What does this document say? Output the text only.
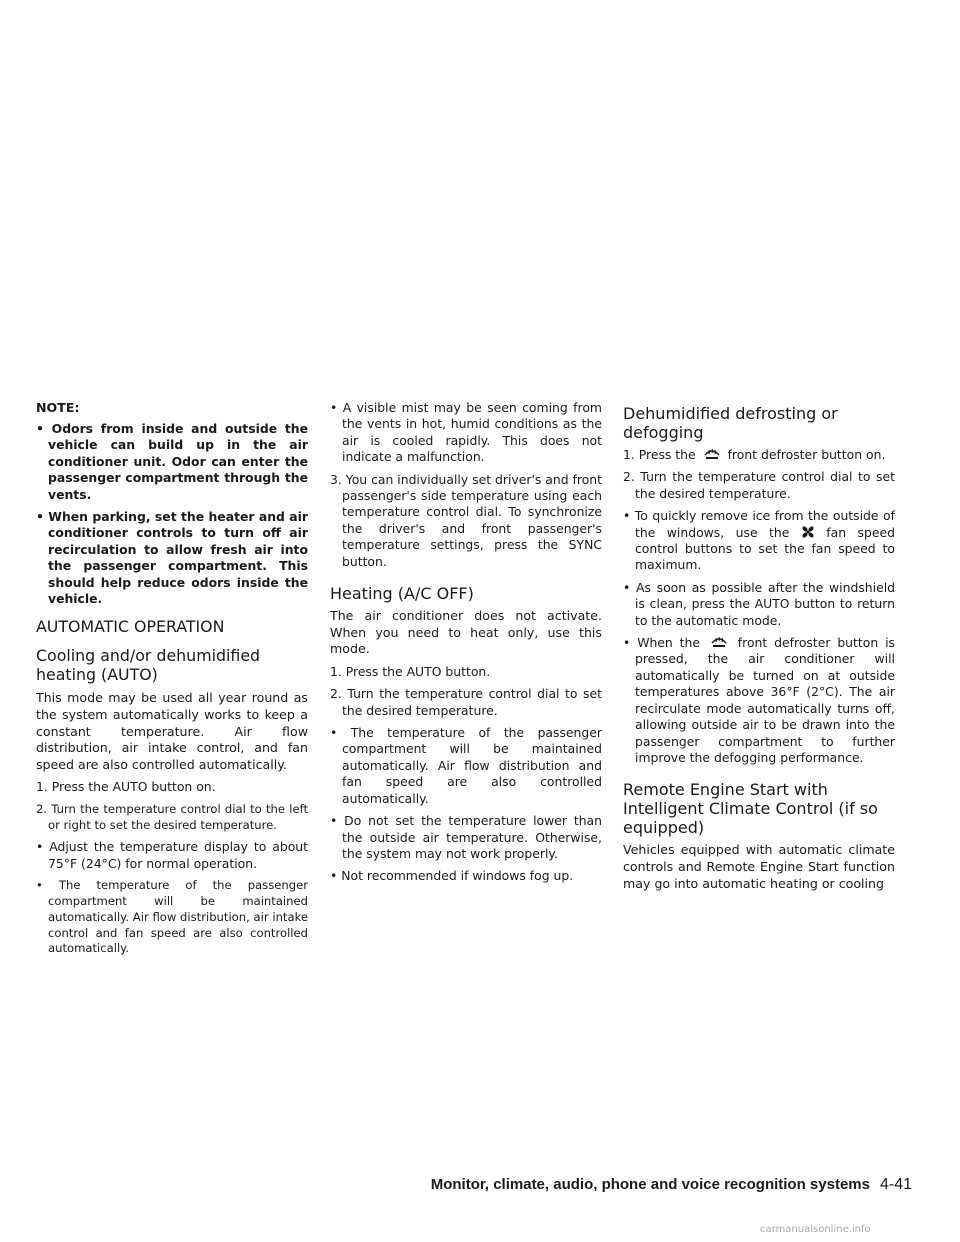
NOTE:

• Odors from inside and outside the vehicle can build up in the air conditioner unit. Odor can enter the passenger compartment through the vents.

• When parking, set the heater and air conditioner controls to turn off air recirculation to allow fresh air into the passenger compartment. This should help reduce odors inside the vehicle.

AUTOMATIC OPERATION
Cooling and/or dehumidified heating (AUTO)

This mode may be used all year round as the system automatically works to keep a constant temperature. Air flow distribution, air intake control, and fan speed are also controlled automatically.

1. Press the AUTO button on.

2. Turn the temperature control dial to the left or right to set the desired temperature.

• Adjust the temperature display to about 75°F (24°C) for normal operation.

• The temperature of the passenger compartment will be maintained automatically. Air flow distribution, air intake control and fan speed are also controlled automatically.

• A visible mist may be seen coming from the vents in hot, humid conditions as the air is cooled rapidly. This does not indicate a malfunction.

3. You can individually set driver's and front passenger's side temperature using each temperature control dial. To synchronize the driver's and front passenger's temperature settings, press the SYNC button.

Heating (A/C OFF)

The air conditioner does not activate. When you need to heat only, use this mode.

1. Press the AUTO button.

2. Turn the temperature control dial to set the desired temperature.

• The temperature of the passenger compartment will be maintained automatically. Air flow distribution and fan speed are also controlled automatically.

• Do not set the temperature lower than the outside air temperature. Otherwise, the system may not work properly.

• Not recommended if windows fog up.

Dehumidified defrosting or defogging

1. Press the	front defroster button on.

2. Turn the temperature control dial to set the desired temperature.

• To quickly remove ice from the outside of the windows, use the	fan speed control buttons to set the fan speed to maximum.

• As soon as possible after the windshield is clean, press the AUTO button to return to the automatic mode.

• When the	front defroster button is pressed, the air conditioner will automatically be turned on at outside temperatures above 36°F (2°C). The air recirculate mode automatically turns off, allowing outside air to be drawn into the passenger compartment to further improve the defogging performance.

Remote Engine Start with Intelligent Climate Control (if so equipped)

Vehicles equipped with automatic climate controls and Remote Engine Start function may go into automatic heating or cooling

Monitor, climate, audio, phone and voice recognition systems 4-41
carmanualsonline.info
